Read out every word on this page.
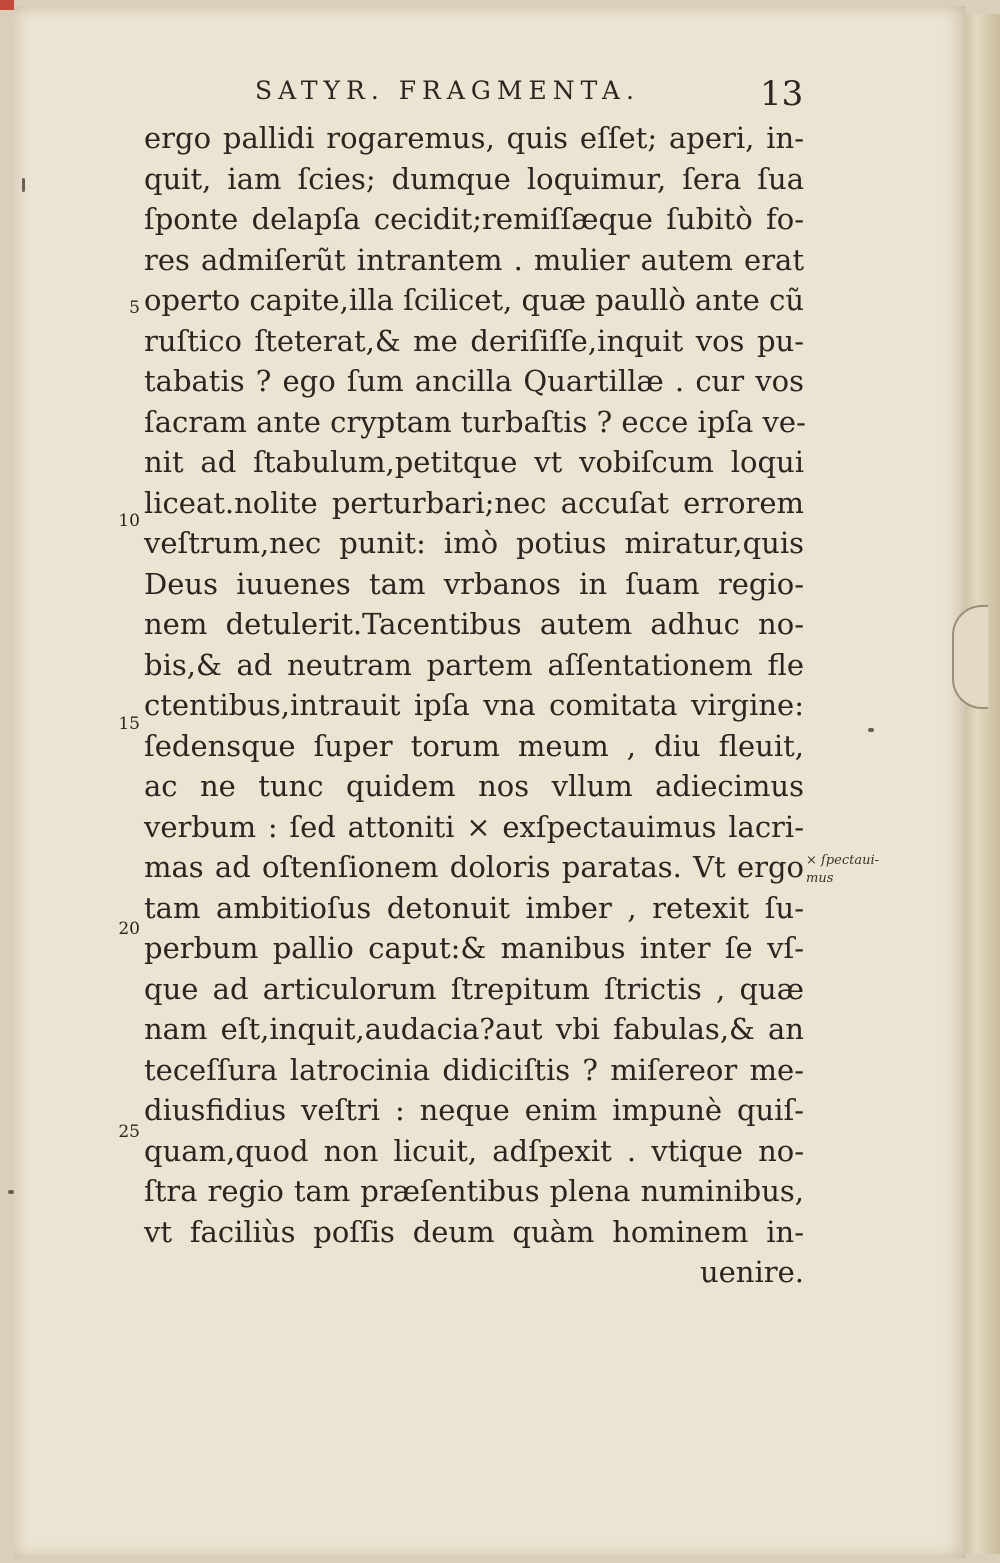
SATYR. FRAGMENTA.	13
ergo pallidi rogaremus, quis eſſet; aperi, in-
quit, iam ſcies; dumque loquimur, ſera ſua
ſponte delapſa cecidit;remiſſæque ſubitò fo-
res admiſerũt intrantem . mulier autem erat
operto capite,illa ſcilicet, quæ paullò ante cũ
ruſtico ſteterat,& me deriſiſſe,inquit vos pu-
tabatis ? ego ſum ancilla Quartillæ . cur vos
ſacram ante cryptam turbaſtis ? ecce ipſa ve-
nit ad ſtabulum,petitque vt vobiſcum loqui
liceat.nolite perturbari;nec accuſat errorem
veſtrum,nec punit: imò potius miratur,quis
Deus iuuenes tam vrbanos in ſuam regio-
nem detulerit.Tacentibus autem adhuc no-
bis,& ad neutram partem aſſentationem fle
ctentibus,intrauit ipſa vna comitata virgine:
ſedensque ſuper torum meum , diu fleuit,
ac ne tunc quidem nos vllum adiecimus
verbum : ſed attoniti × exſpectauimus lacri-
mas ad oſtenſionem doloris paratas. Vt ergo
tam ambitioſus detonuit imber , retexit ſu-
perbum pallio caput:& manibus inter ſe vſ-
que ad articulorum ſtrepitum ſtrictis , quæ
nam eſt,inquit,audacia?aut vbi fabulas,& an
teceſſura latrocinia didiciſtis ? miſereor me-
diusfidius veſtri : neque enim impunè quiſ-
quam,quod non licuit, adſpexit . vtique no-
ſtra regio tam præſentibus plena numinibus,
vt faciliùs poſſis deum quàm hominem in-
uenire.
5
10
15
20
25
× ſpectaui-
mus
